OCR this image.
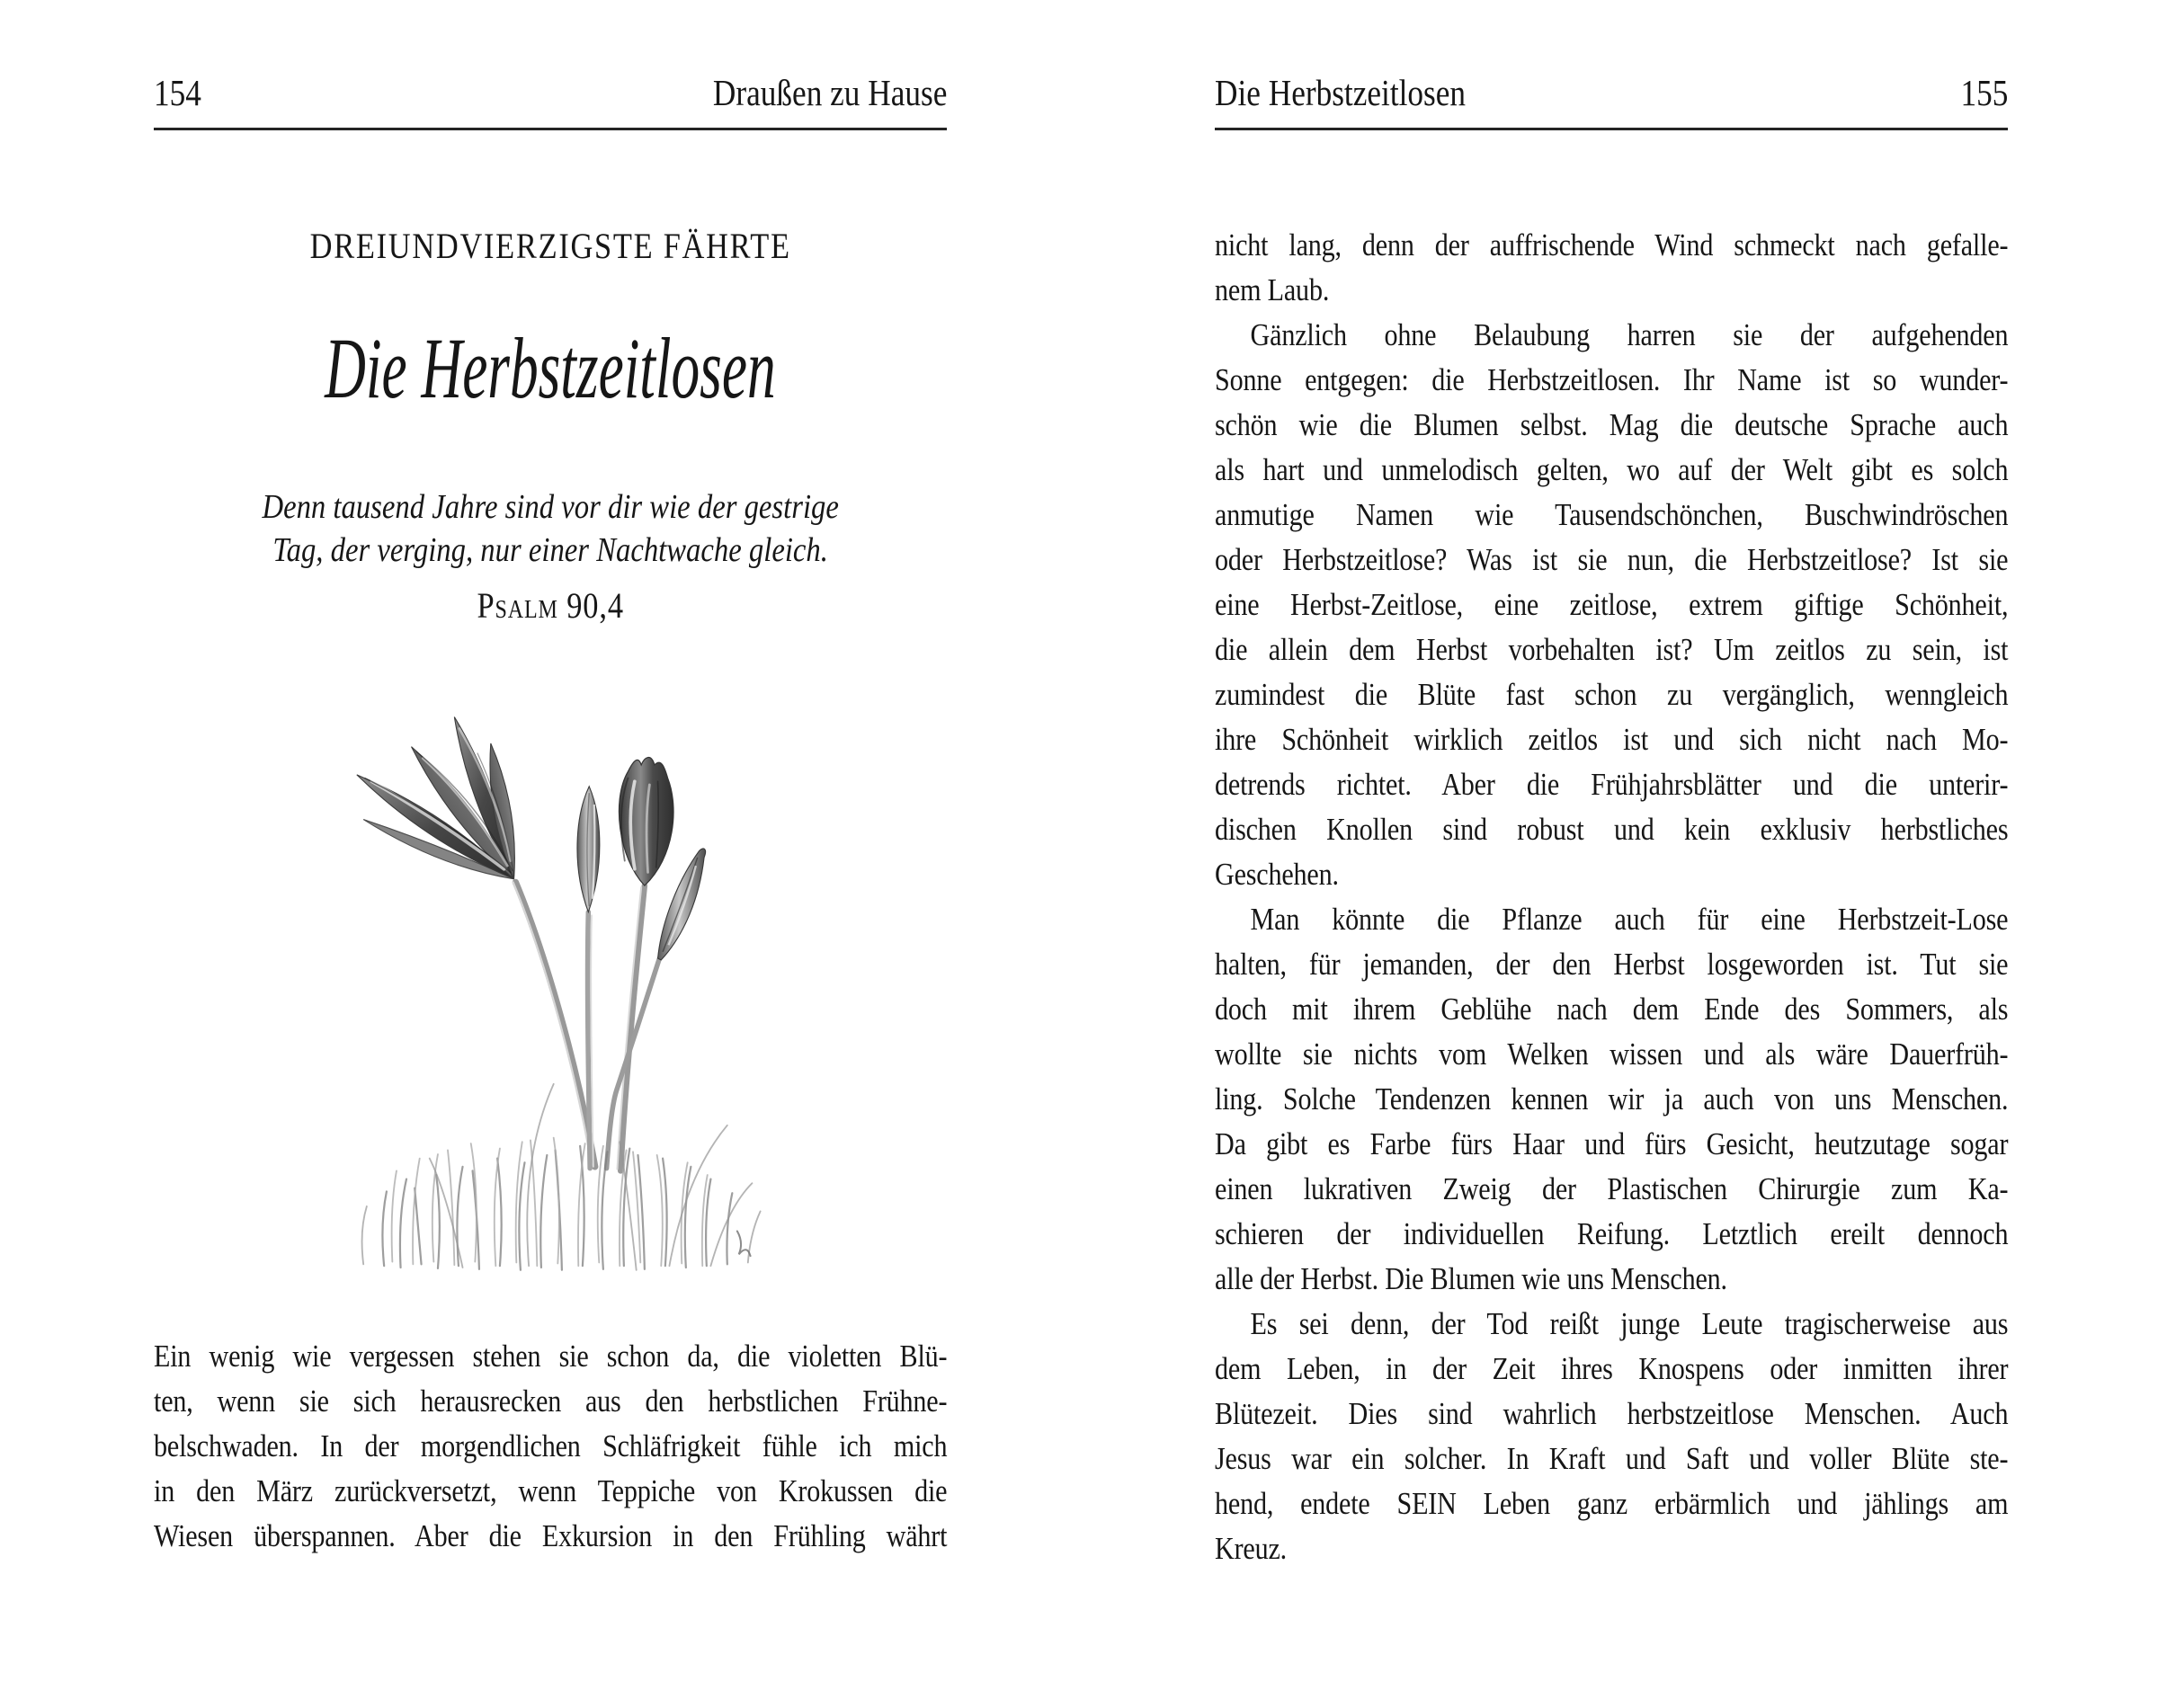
154	Draußen zu Hause
DREIUNDVIERZIGSTE FÄHRTE
Die Herbstzeitlosen
Denn tausend Jahre sind vor dir wie der gestrige
Tag, der verging, nur einer Nachtwache gleich.
Psalm 90,4
Ein wenig wie vergessen stehen sie schon da, die violetten Blü-
ten, wenn sie sich herausrecken aus den herbstlichen Frühne-
belschwaden. In der morgendlichen Schläfrigkeit fühle ich mich
in den März zurückversetzt, wenn Teppiche von Krokussen die
Wiesen überspannen. Aber die Exkursion in den Frühling währt
Die Herbstzeitlosen	155
nicht lang, denn der auffrischende Wind schmeckt nach gefalle-
nem Laub.
Gänzlich ohne Belaubung harren sie der aufgehenden
Sonne entgegen: die Herbstzeitlosen. Ihr Name ist so wunder-
schön wie die Blumen selbst. Mag die deutsche Sprache auch
als hart und unmelodisch gelten, wo auf der Welt gibt es solch
anmutige Namen wie Tausendschönchen, Buschwindröschen
oder Herbstzeitlose? Was ist sie nun, die Herbstzeitlose? Ist sie
eine Herbst-Zeitlose, eine zeitlose, extrem giftige Schönheit,
die allein dem Herbst vorbehalten ist? Um zeitlos zu sein, ist
zumindest die Blüte fast schon zu vergänglich, wenngleich
ihre Schönheit wirklich zeitlos ist und sich nicht nach Mo-
detrends richtet. Aber die Frühjahrsblätter und die unterir-
dischen Knollen sind robust und kein exklusiv herbstliches
Geschehen.
Man könnte die Pflanze auch für eine Herbstzeit-Lose
halten, für jemanden, der den Herbst losgeworden ist. Tut sie
doch mit ihrem Geblühe nach dem Ende des Sommers, als
wollte sie nichts vom Welken wissen und als wäre Dauerfrüh-
ling. Solche Tendenzen kennen wir ja auch von uns Menschen.
Da gibt es Farbe fürs Haar und fürs Gesicht, heutzutage sogar
einen lukrativen Zweig der Plastischen Chirurgie zum Ka-
schieren der individuellen Reifung. Letztlich ereilt dennoch
alle der Herbst. Die Blumen wie uns Menschen.
Es sei denn, der Tod reißt junge Leute tragischerweise aus
dem Leben, in der Zeit ihres Knospens oder inmitten ihrer
Blütezeit. Dies sind wahrlich herbstzeitlose Menschen. Auch
Jesus war ein solcher. In Kraft und Saft und voller Blüte ste-
hend, endete SEIN Leben ganz erbärmlich und jählings am
Kreuz.
